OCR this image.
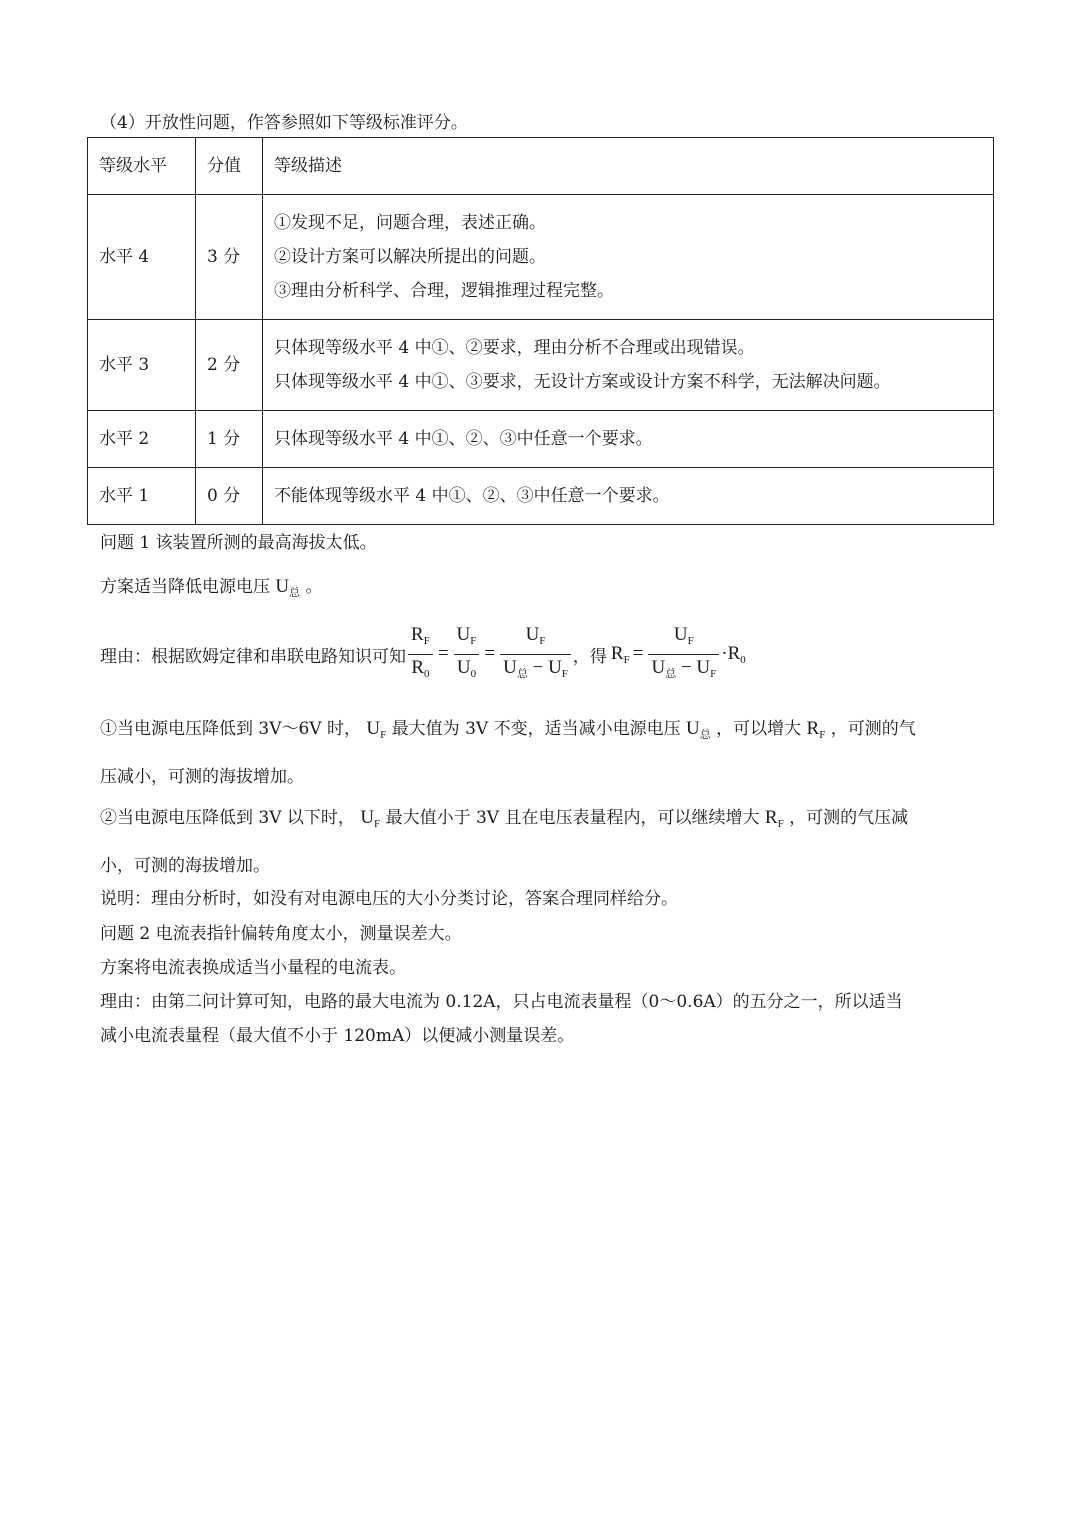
（4）开放性问题，作答参照如下等级标准评分。
等级水平	分值	等级描述
水平 4	3 分	①发现不足，问题合理，表述正确。
②设计方案可以解决所提出的问题。
③理由分析科学、合理，逻辑推理过程完整。

水平 3	2 分	只体现等级水平 4 中①、②要求，理由分析不合理或出现错误。
只体现等级水平 4 中①、③要求，无设计方案或设计方案不科学，无法解决问题。

水平 2	1 分	只体现等级水平 4 中①、②、③中任意一个要求。

水平 1	0 分	不能体现等级水平 4 中①、②、③中任意一个要求。
问题 1 该装置所测的最高海拔太低。
方案适当降低电源电压 $U_总$ 。
理由：根据欧姆定律和串联电路知识可知 $\frac{R_F}{R_0} = \frac{U_F}{U_0} = \frac{U_F}{U_总 - U_F}$ ，得 $R_F = \frac{U_F}{U_总 - U_F} \cdot R_0$
①当电源电压降低到 3V～6V 时， $U_F$ 最大值为 3V 不变，适当减小电源电压 $U_总$ ，可以增大 $R_F$ ，可测的气
压减小，可测的海拔增加。
②当电源电压降低到 3V 以下时， $U_F$ 最大值小于 3V 且在电压表量程内，可以继续增大 $R_F$ ，可测的气压减
小，可测的海拔增加。
说明：理由分析时，如没有对电源电压的大小分类讨论，答案合理同样给分。
问题 2 电流表指针偏转角度太小，测量误差大。
方案将电流表换成适当小量程的电流表。
理由：由第二问计算可知，电路的最大电流为 0.12A，只占电流表量程（0～0.6A）的五分之一，所以适当
减小电流表量程（最大值不小于 120mA）以便减小测量误差。
